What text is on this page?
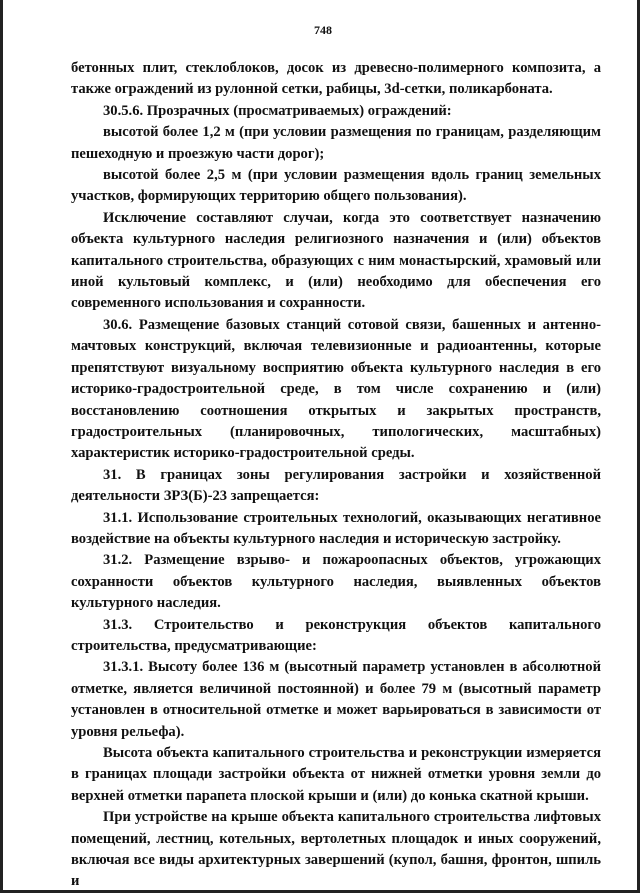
748

бетонных плит, стеклоблоков, досок из древесно-полимерного композита, а также ограждений из рулонной сетки, рабицы, 3d-сетки, поликарбоната.

30.5.6. Прозрачных (просматриваемых) ограждений:

высотой более 1,2 м (при условии размещения по границам, разделяющим пешеходную и проезжую части дорог);

высотой более 2,5 м (при условии размещения вдоль границ земельных участков, формирующих территорию общего пользования).

Исключение составляют случаи, когда это соответствует назначению объекта культурного наследия религиозного назначения и (или) объектов капитального строительства, образующих с ним монастырский, храмовый или иной культовый комплекс, и (или) необходимо для обеспечения его современного использования и сохранности.

30.6. Размещение базовых станций сотовой связи, башенных и антенно-мачтовых конструкций, включая телевизионные и радиоантенны, которые препятствуют визуальному восприятию объекта культурного наследия в его историко-градостроительной среде, в том числе сохранению и (или) восстановлению соотношения открытых и закрытых пространств, градостроительных (планировочных, типологических, масштабных) характеристик историко-градостроительной среды.

31. В границах зоны регулирования застройки и хозяйственной деятельности ЗРЗ(Б)-23 запрещается:

31.1. Использование строительных технологий, оказывающих негативное воздействие на объекты культурного наследия и историческую застройку.

31.2. Размещение взрыво- и пожароопасных объектов, угрожающих сохранности объектов культурного наследия, выявленных объектов культурного наследия.

31.3. Строительство и реконструкция объектов капитального строительства, предусматривающие:

31.3.1. Высоту более 136 м (высотный параметр установлен в абсолютной отметке, является величиной постоянной) и более 79 м (высотный параметр установлен в относительной отметке и может варьироваться в зависимости от уровня рельефа).

Высота объекта капитального строительства и реконструкции измеряется в границах площади застройки объекта от нижней отметки уровня земли до верхней отметки парапета плоской крыши и (или) до конька скатной крыши.

При устройстве на крыше объекта капитального строительства лифтовых помещений, лестниц, котельных, вертолетных площадок и иных сооружений, включая все виды архитектурных завершений (купол, башня, фронтон, шпиль и
